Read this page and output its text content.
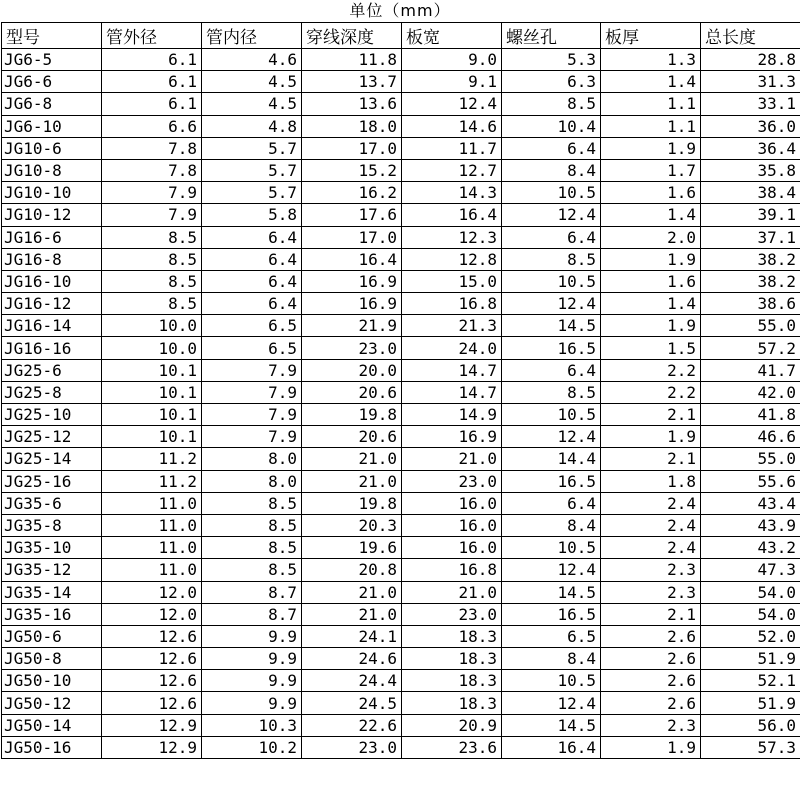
单位（mm）
型号	管外径	管内径	穿线深度	板宽	螺丝孔	板厚	总长度
JG6-5	6.1	4.6	11.8	9.0	5.3	1.3	28.8
JG6-6	6.1	4.5	13.7	9.1	6.3	1.4	31.3
JG6-8	6.1	4.5	13.6	12.4	8.5	1.1	33.1
JG6-10	6.6	4.8	18.0	14.6	10.4	1.1	36.0
JG10-6	7.8	5.7	17.0	11.7	6.4	1.9	36.4
JG10-8	7.8	5.7	15.2	12.7	8.4	1.7	35.8
JG10-10	7.9	5.7	16.2	14.3	10.5	1.6	38.4
JG10-12	7.9	5.8	17.6	16.4	12.4	1.4	39.1
JG16-6	8.5	6.4	17.0	12.3	6.4	2.0	37.1
JG16-8	8.5	6.4	16.4	12.8	8.5	1.9	38.2
JG16-10	8.5	6.4	16.9	15.0	10.5	1.6	38.2
JG16-12	8.5	6.4	16.9	16.8	12.4	1.4	38.6
JG16-14	10.0	6.5	21.9	21.3	14.5	1.9	55.0
JG16-16	10.0	6.5	23.0	24.0	16.5	1.5	57.2
JG25-6	10.1	7.9	20.0	14.7	6.4	2.2	41.7
JG25-8	10.1	7.9	20.6	14.7	8.5	2.2	42.0
JG25-10	10.1	7.9	19.8	14.9	10.5	2.1	41.8
JG25-12	10.1	7.9	20.6	16.9	12.4	1.9	46.6
JG25-14	11.2	8.0	21.0	21.0	14.4	2.1	55.0
JG25-16	11.2	8.0	21.0	23.0	16.5	1.8	55.6
JG35-6	11.0	8.5	19.8	16.0	6.4	2.4	43.4
JG35-8	11.0	8.5	20.3	16.0	8.4	2.4	43.9
JG35-10	11.0	8.5	19.6	16.0	10.5	2.4	43.2
JG35-12	11.0	8.5	20.8	16.8	12.4	2.3	47.3
JG35-14	12.0	8.7	21.0	21.0	14.5	2.3	54.0
JG35-16	12.0	8.7	21.0	23.0	16.5	2.1	54.0
JG50-6	12.6	9.9	24.1	18.3	6.5	2.6	52.0
JG50-8	12.6	9.9	24.6	18.3	8.4	2.6	51.9
JG50-10	12.6	9.9	24.4	18.3	10.5	2.6	52.1
JG50-12	12.6	9.9	24.5	18.3	12.4	2.6	51.9
JG50-14	12.9	10.3	22.6	20.9	14.5	2.3	56.0
JG50-16	12.9	10.2	23.0	23.6	16.4	1.9	57.3
